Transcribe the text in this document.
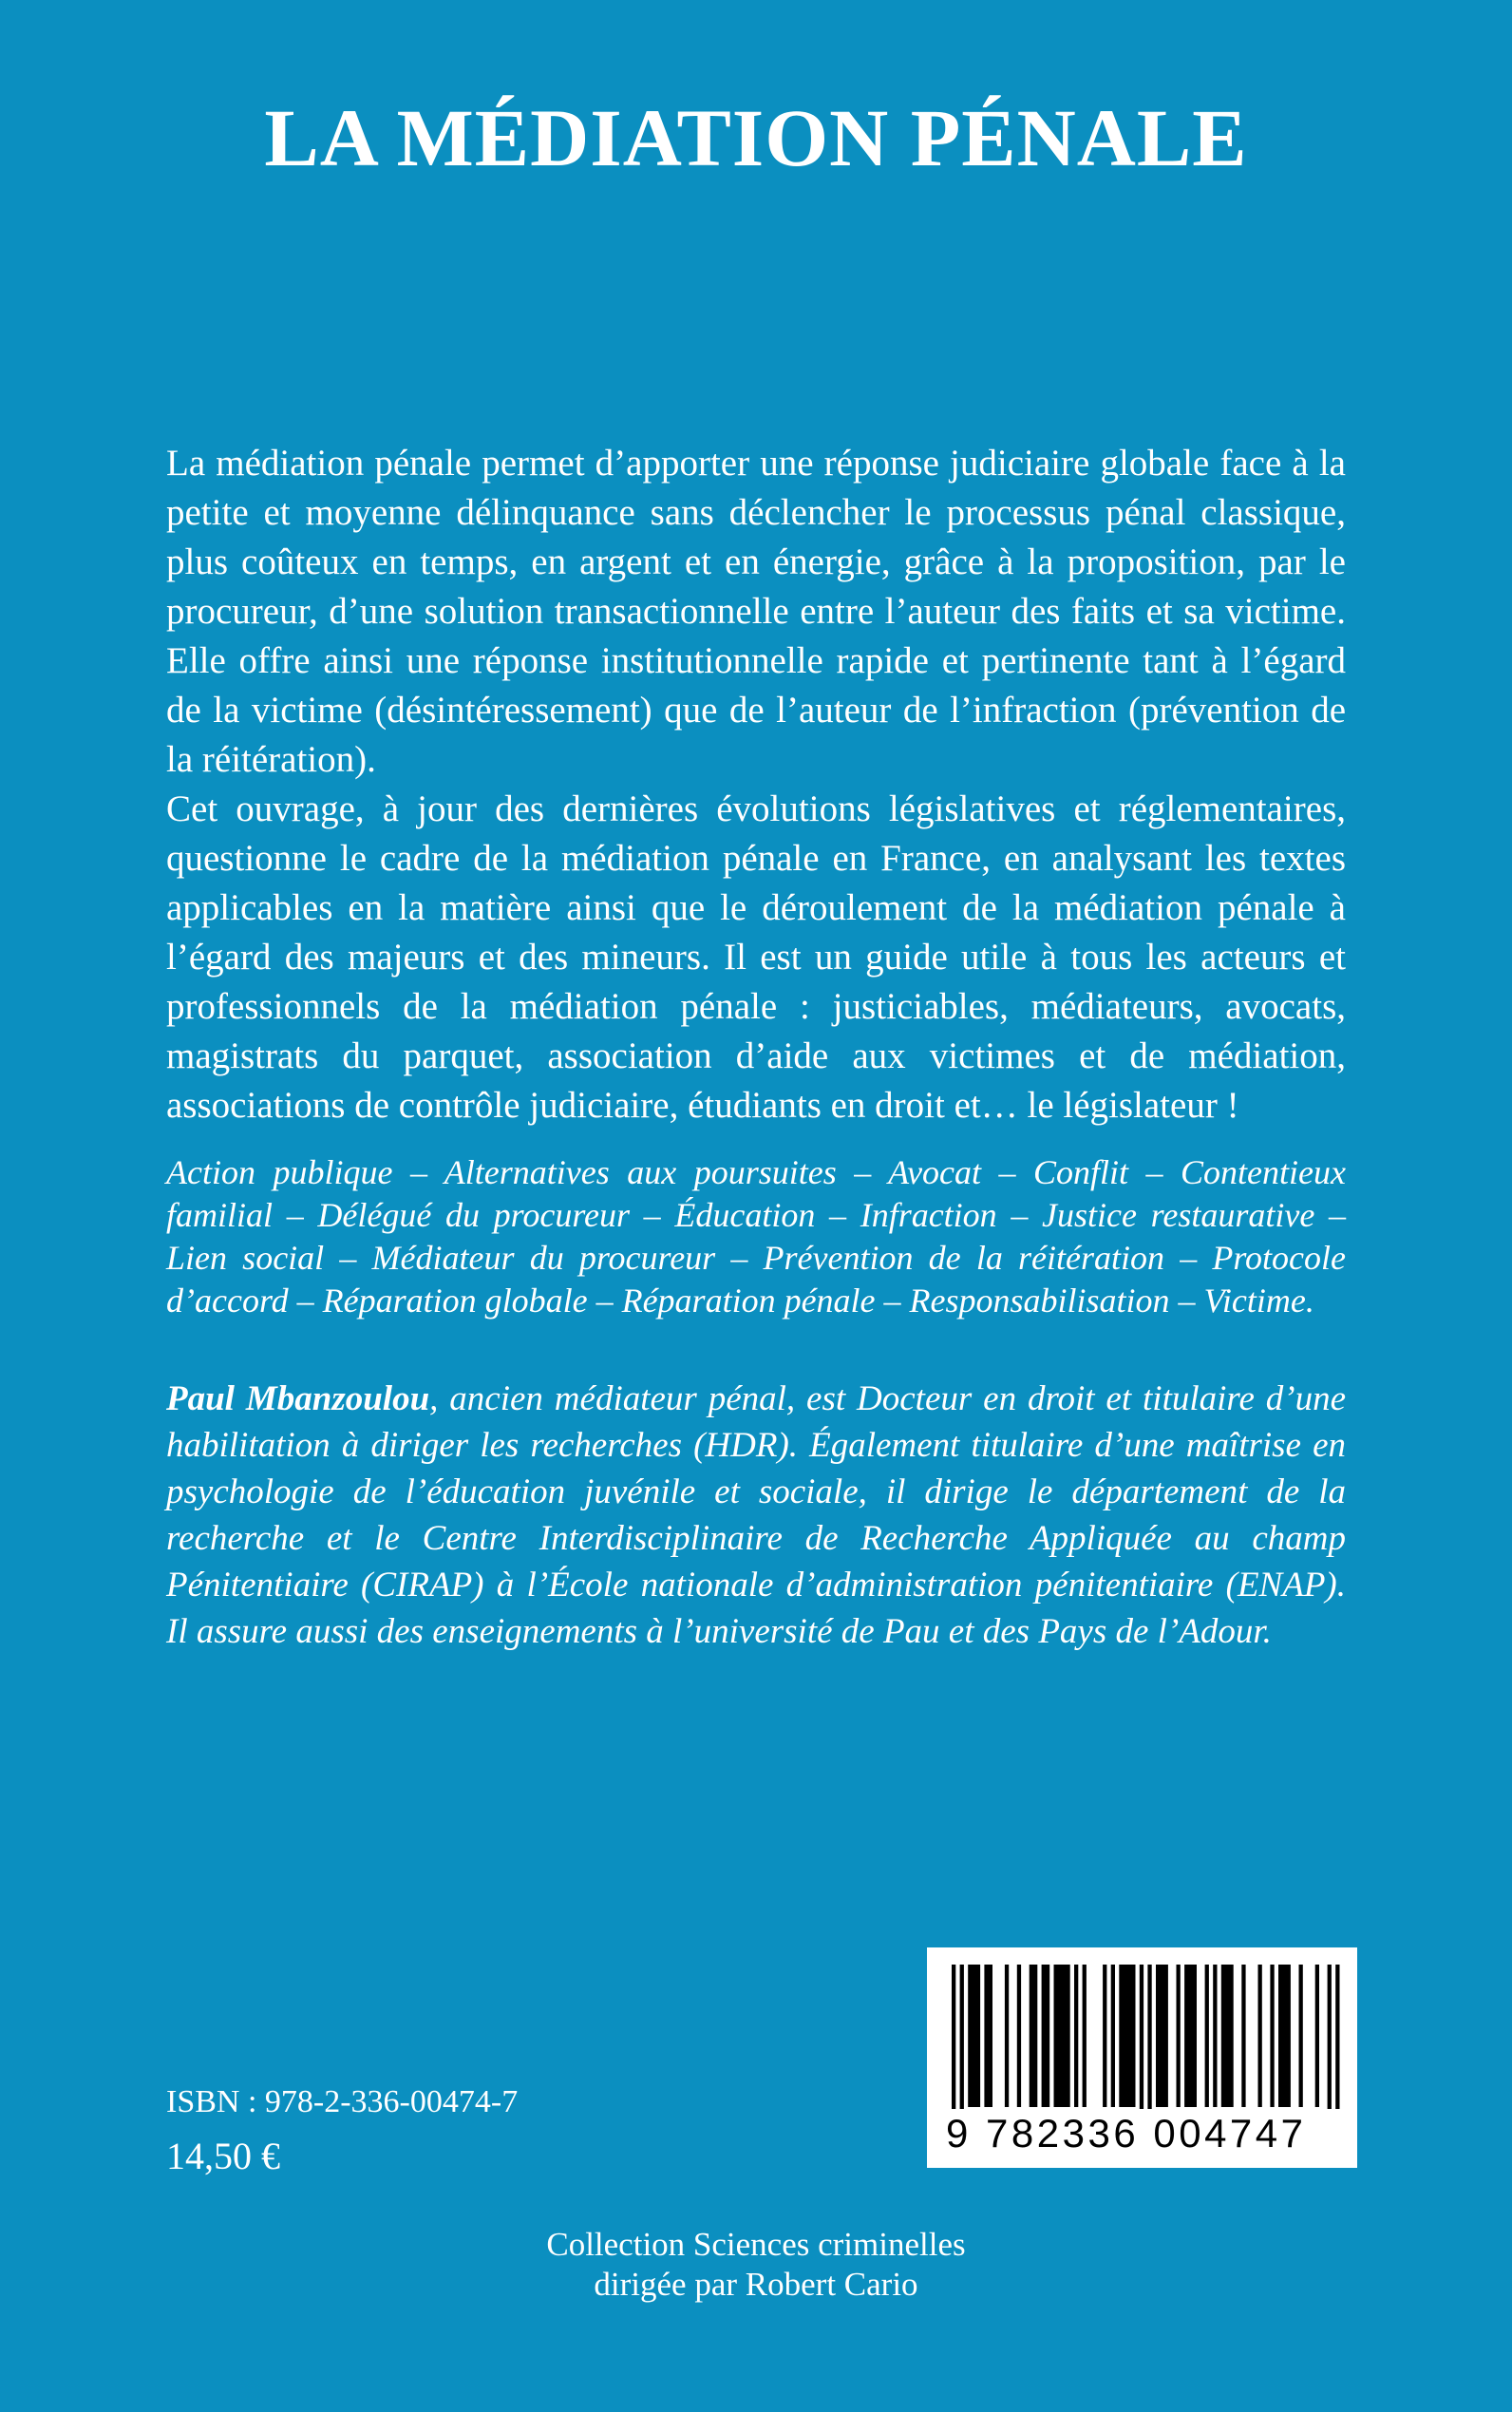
LA MÉDIATION PÉNALE

La médiation pénale permet d’apporter une réponse judiciaire globale face à la petite et moyenne délinquance sans déclencher le processus pénal classique, plus coûteux en temps, en argent et en énergie, grâce à la proposition, par le procureur, d’une solution transactionnelle entre l’auteur des faits et sa victime. Elle offre ainsi une réponse institutionnelle rapide et pertinente tant à l’égard de la victime (désintéressement) que de l’auteur de l’infraction (prévention de la réitération).

Cet ouvrage, à jour des dernières évolutions législatives et réglementaires, questionne le cadre de la médiation pénale en France, en analysant les textes applicables en la matière ainsi que le déroulement de la médiation pénale à l’égard des majeurs et des mineurs. Il est un guide utile à tous les acteurs et professionnels de la médiation pénale : justiciables, médiateurs, avocats, magistrats du parquet, association d’aide aux victimes et de médiation, associations de contrôle judiciaire, étudiants en droit et… le législateur !

Action publique – Alternatives aux poursuites – Avocat – Conflit – Contentieux familial – Délégué du procureur – Éducation – Infraction – Justice restaurative – Lien social – Médiateur du procureur – Prévention de la réitération – Protocole d’accord – Réparation globale – Réparation pénale – Responsabilisation – Victime.

Paul Mbanzoulou, ancien médiateur pénal, est Docteur en droit et titulaire d’une habilitation à diriger les recherches (HDR). Également titulaire d’une maîtrise en psychologie de l’éducation juvénile et sociale, il dirige le département de la recherche et le Centre Interdisciplinaire de Recherche Appliquée au champ Pénitentiaire (CIRAP) à l’École nationale d’administration pénitentiaire (ENAP). Il assure aussi des enseignements à l’université de Pau et des Pays de l’Adour.

9 782336 004747

ISBN : 978-2-336-00474-7

14,50 €

Collection Sciences criminelles
dirigée par Robert Cario
